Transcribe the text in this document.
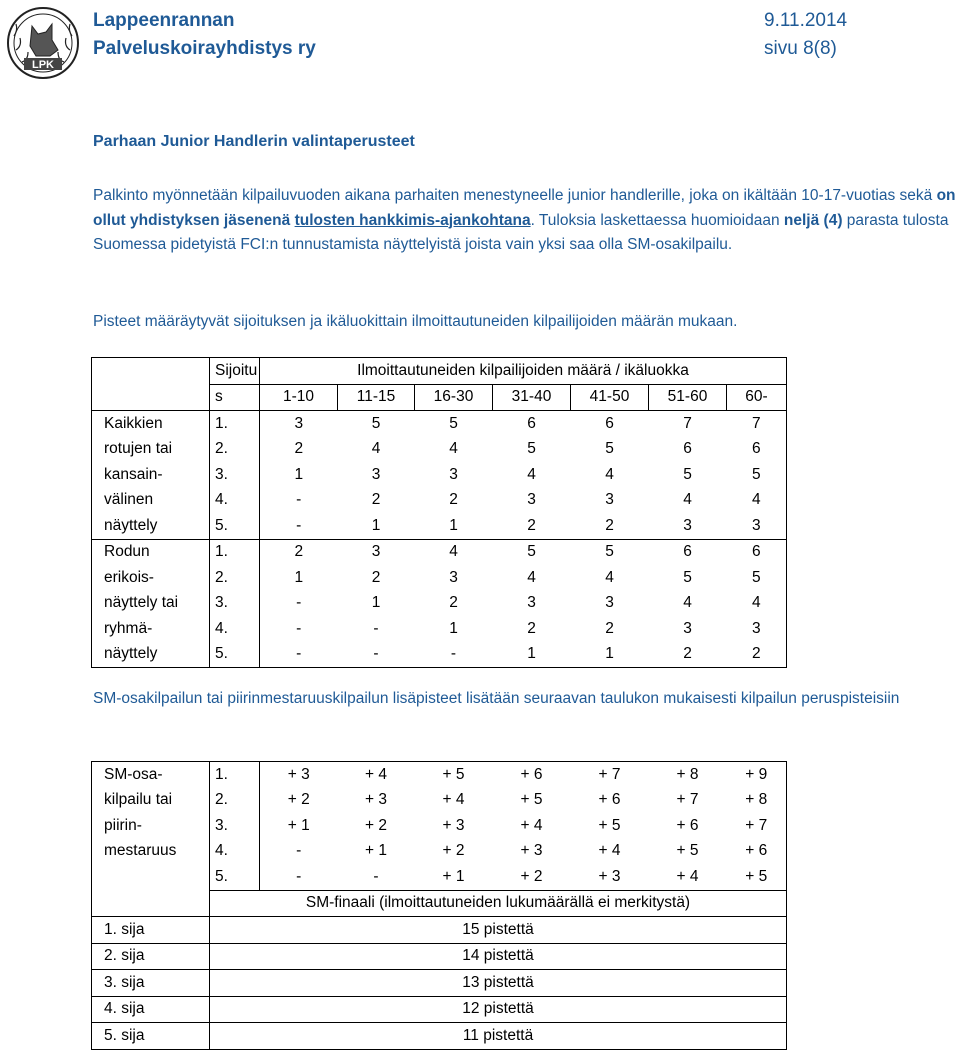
LPK
Lappeenrannan
Palveluskoirayhdistys ry
9.11.2014
sivu 8(8)
Parhaan Junior Handlerin valintaperusteet
Palkinto myönnetään kilpailuvuoden aikana parhaiten menestyneelle junior handlerille, joka on ikältään 10-17-vuotias sekä on ollut yhdistyksen jäsenenä tulosten hankkimis-ajankohtana. Tuloksia laskettaessa huomioidaan neljä (4) parasta tulosta Suomessa pidetyistä FCI:n tunnustamista näyttelyistä joista vain yksi saa olla SM-osakilpailu.
Pisteet määräytyvät sijoituksen ja ikäluokittain ilmoittautuneiden kilpailijoiden määrän mukaan.
	Sijoitu	Ilmoittautuneiden kilpailijoiden määrä / ikäluokka						
	s	1-10	11-15	16-30	31-40	41-50	51-60	60-
Kaikkien	1.	3	5	5	6	6	7	7
rotujen tai	2.	2	4	4	5	5	6	6
kansain-	3.	1	3	3	4	4	5	5
välinen	4.	-	2	2	3	3	4	4
näyttely	5.	-	1	1	2	2	3	3
Rodun	1.	2	3	4	5	5	6	6
erikois-	2.	1	2	3	4	4	5	5
näyttely tai	3.	-	1	2	3	3	4	4
ryhmä-	4.	-	-	1	2	2	3	3
näyttely	5.	-	-	-	1	1	2	2
SM-osakilpailun tai piirinmestaruuskilpailun lisäpisteet lisätään seuraavan taulukon mukaisesti kilpailun peruspisteisiin
SM-osa-	1.	+ 3	+ 4	+ 5	+ 6	+ 7	+ 8	+ 9
kilpailu tai	2.	+ 2	+ 3	+ 4	+ 5	+ 6	+ 7	+ 8
piirin-	3.	+ 1	+ 2	+ 3	+ 4	+ 5	+ 6	+ 7
mestaruus	4.	-	+ 1	+ 2	+ 3	+ 4	+ 5	+ 6
	5.	-	-	+ 1	+ 2	+ 3	+ 4	+ 5
	SM-finaali (ilmoittautuneiden lukumäärällä ei merkitystä)							
1. sija	15 pistettä							
2. sija	14 pistettä							
3. sija	13 pistettä							
4. sija	12 pistettä							
5. sija	11 pistettä							
